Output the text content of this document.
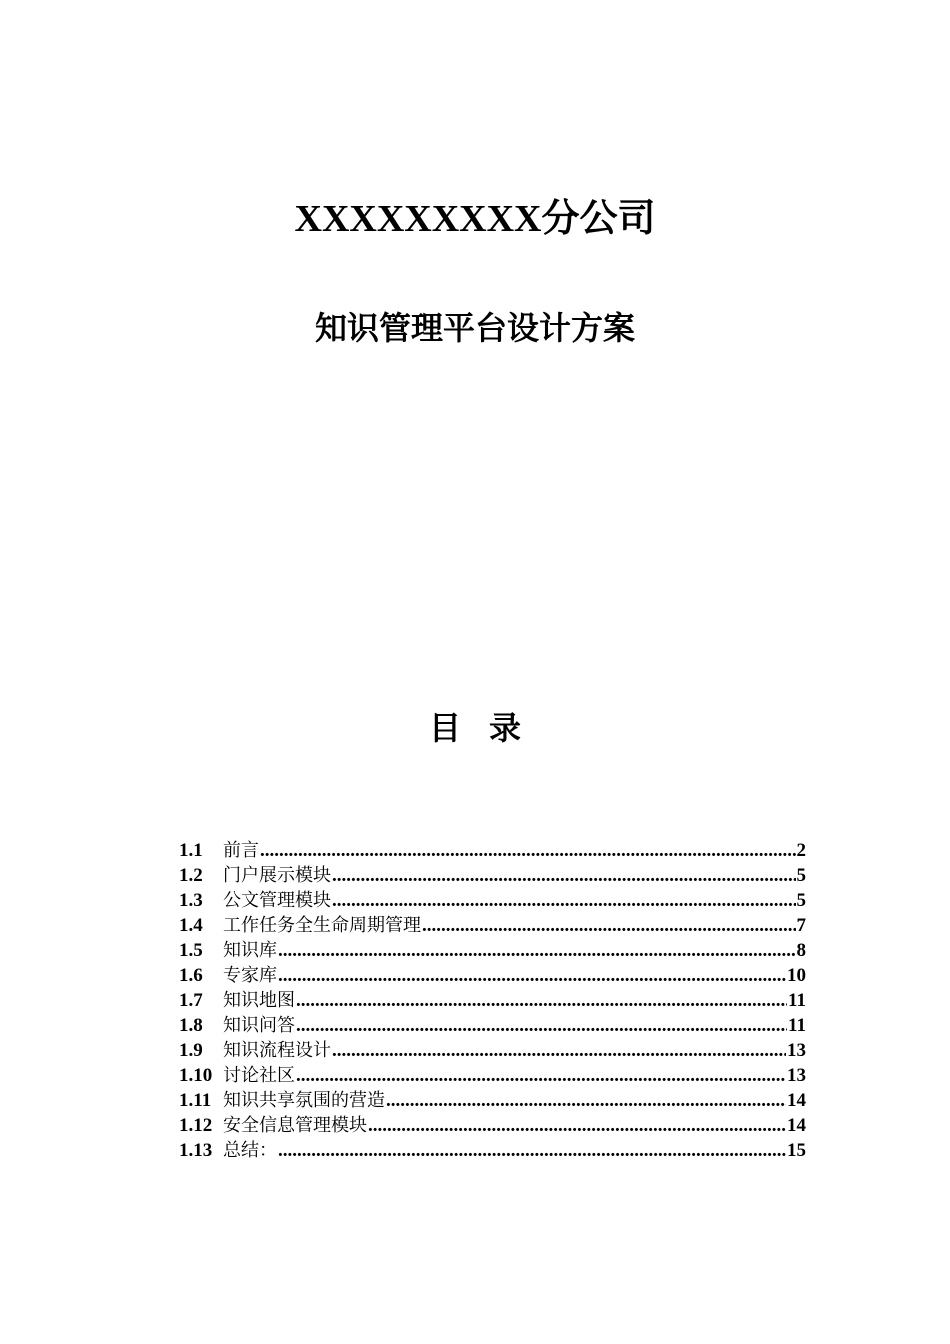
XXXXXXXXX分公司
知识管理平台设计方案
目录
1.1	前言 .....	2
1.2	门户展示模块 .....	5
1.3	公文管理模块 .....	5
1.4	工作任务全生命周期管理 .....	7
1.5	知识库 .....	8
1.6	专家库 .....	10
1.7	知识地图 .....	11
1.8	知识问答 .....	11
1.9	知识流程设计 .....	13
1.10 讨论社区 .....	13
1.11 知识共享氛围的营造 .....	14
1.12 安全信息管理模块 .....	14
1.13 总结： .....	15
